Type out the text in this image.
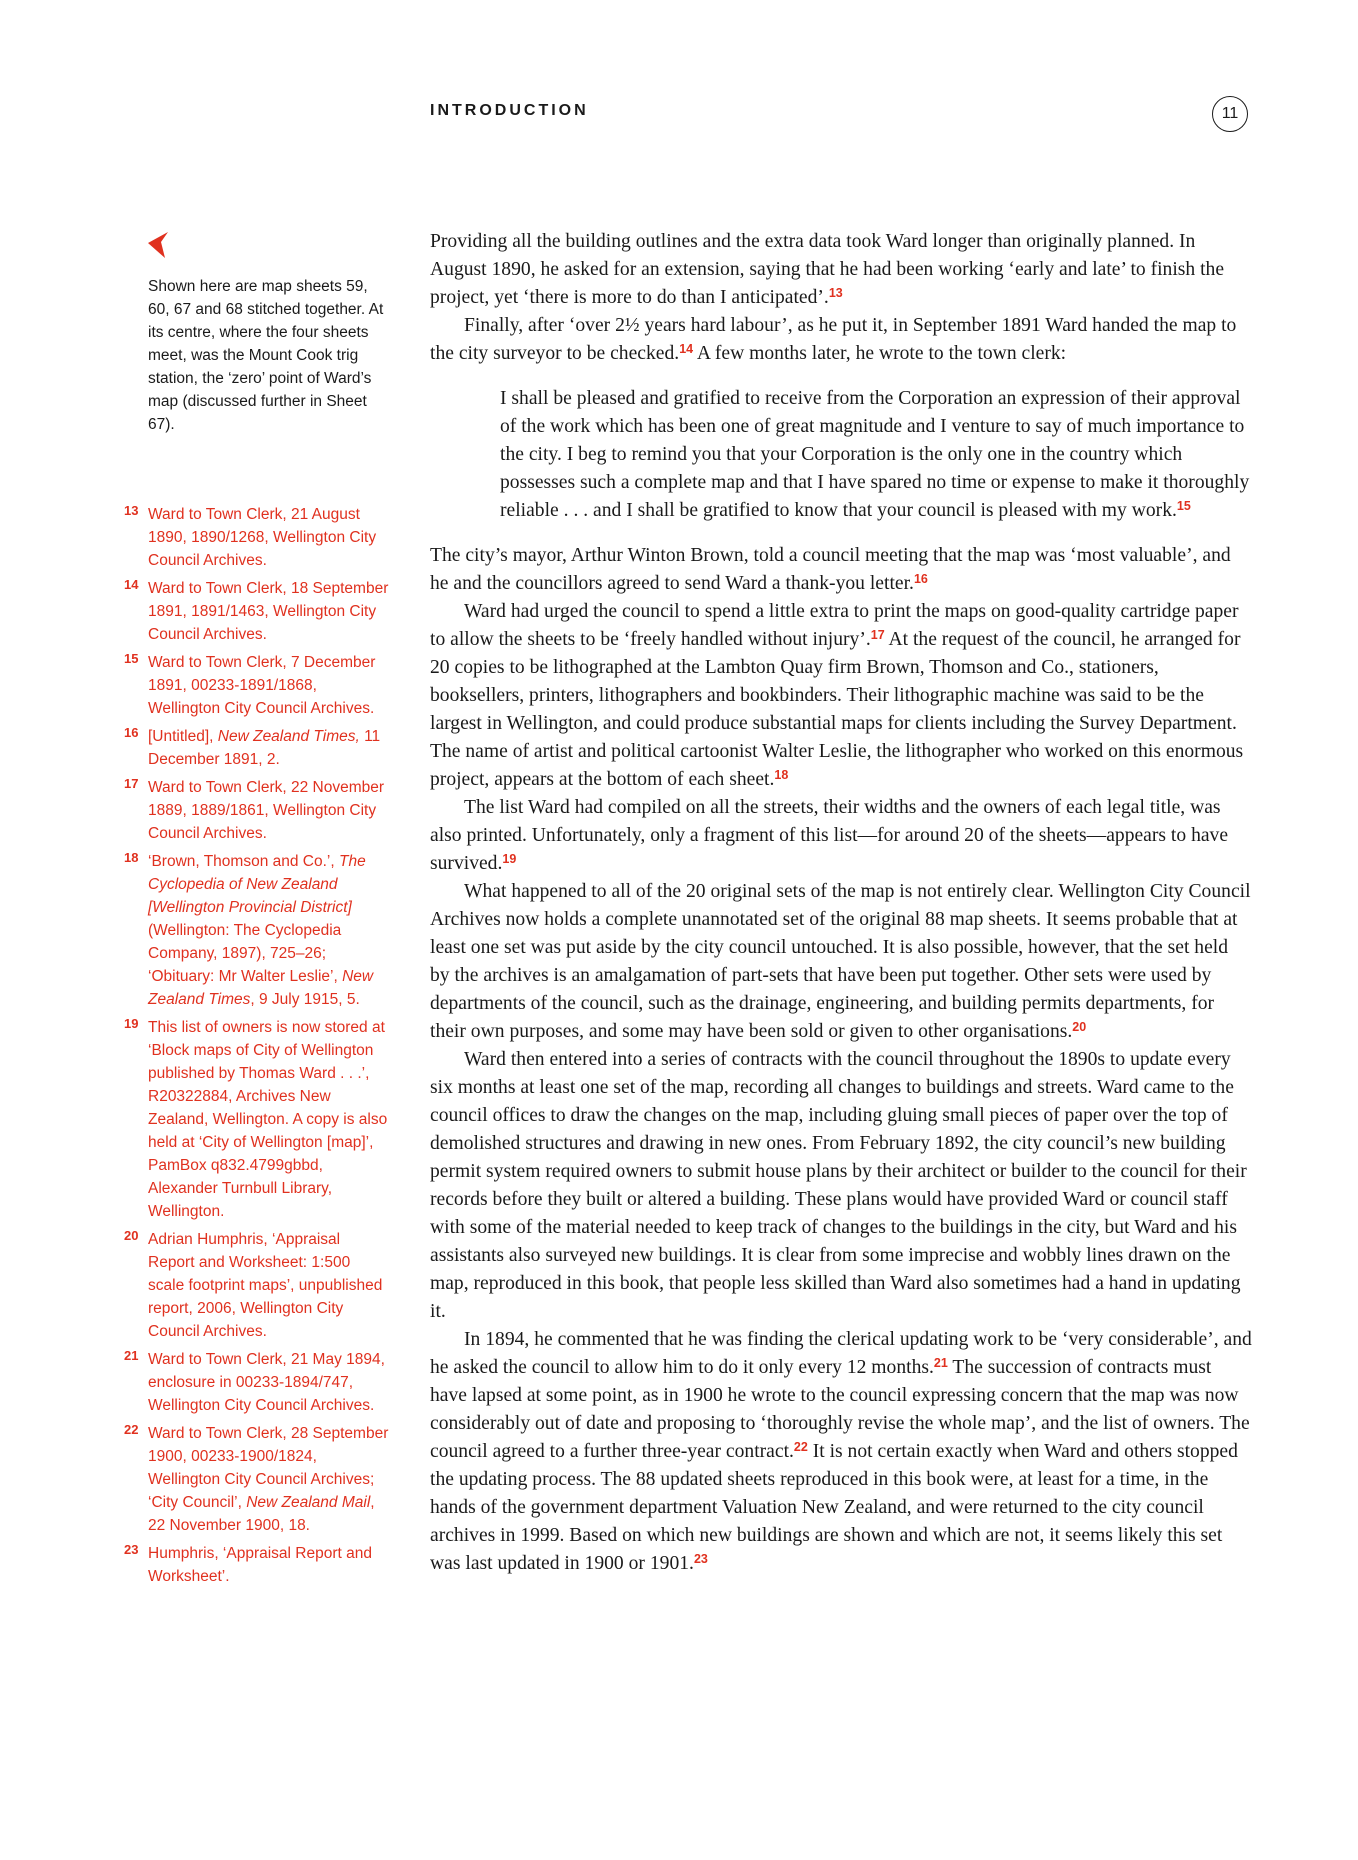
INTRODUCTION	11
Shown here are map sheets 59, 60, 67 and 68 stitched together. At its centre, where the four sheets meet, was the Mount Cook trig station, the ‘zero’ point of Ward’s map (discussed further in Sheet 67).
13 Ward to Town Clerk, 21 August 1890, 1890/1268, Wellington City Council Archives.
14 Ward to Town Clerk, 18 September 1891, 1891/1463, Wellington City Council Archives.
15 Ward to Town Clerk, 7 December 1891, 00233-1891/1868, Wellington City Council Archives.
16 [Untitled], New Zealand Times, 11 December 1891, 2.
17 Ward to Town Clerk, 22 November 1889, 1889/1861, Wellington City Council Archives.
18 ‘Brown, Thomson and Co.’, The Cyclopedia of New Zealand [Wellington Provincial District] (Wellington: The Cyclopedia Company, 1897), 725–26; ‘Obituary: Mr Walter Leslie’, New Zealand Times, 9 July 1915, 5.
19 This list of owners is now stored at ‘Block maps of City of Wellington published by Thomas Ward . . .’, R20322884, Archives New Zealand, Wellington. A copy is also held at ‘City of Wellington [map]’, PamBox q832.4799gbbd, Alexander Turnbull Library, Wellington.
20 Adrian Humphris, ‘Appraisal Report and Worksheet: 1:500 scale footprint maps’, unpublished report, 2006, Wellington City Council Archives.
21 Ward to Town Clerk, 21 May 1894, enclosure in 00233-1894/747, Wellington City Council Archives.
22 Ward to Town Clerk, 28 September 1900, 00233-1900/1824, Wellington City Council Archives; ‘City Council’, New Zealand Mail, 22 November 1900, 18.
23 Humphris, ‘Appraisal Report and Worksheet’.

Providing all the building outlines and the extra data took Ward longer than originally planned. In August 1890, he asked for an extension, saying that he had been working ‘early and late’ to finish the project, yet ‘there is more to do than I anticipated’.$^{13}$

Finally, after ‘over 2½ years hard labour’, as he put it, in September 1891 Ward handed the map to the city surveyor to be checked.$^{14}$ A few months later, he wrote to the town clerk:

I shall be pleased and gratified to receive from the Corporation an expression of their approval of the work which has been one of great magnitude and I venture to say of much importance to the city. I beg to remind you that your Corporation is the only one in the country which possesses such a complete map and that I have spared no time or expense to make it thoroughly reliable . . . and I shall be gratified to know that your council is pleased with my work.$^{15}$

The city’s mayor, Arthur Winton Brown, told a council meeting that the map was ‘most valuable’, and he and the councillors agreed to send Ward a thank-you letter.$^{16}$

Ward had urged the council to spend a little extra to print the maps on good-quality cartridge paper to allow the sheets to be ‘freely handled without injury’.$^{17}$ At the request of the council, he arranged for 20 copies to be lithographed at the Lambton Quay firm Brown, Thomson and Co., stationers, booksellers, printers, lithographers and bookbinders. Their lithographic machine was said to be the largest in Wellington, and could produce substantial maps for clients including the Survey Department. The name of artist and political cartoonist Walter Leslie, the lithographer who worked on this enormous project, appears at the bottom of each sheet.$^{18}$

The list Ward had compiled on all the streets, their widths and the owners of each legal title, was also printed. Unfortunately, only a fragment of this list—for around 20 of the sheets—appears to have survived.$^{19}$

What happened to all of the 20 original sets of the map is not entirely clear. Wellington City Council Archives now holds a complete unannotated set of the original 88 map sheets. It seems probable that at least one set was put aside by the city council untouched. It is also possible, however, that the set held by the archives is an amalgamation of part-sets that have been put together. Other sets were used by departments of the council, such as the drainage, engineering, and building permits departments, for their own purposes, and some may have been sold or given to other organisations.$^{20}$

Ward then entered into a series of contracts with the council throughout the 1890s to update every six months at least one set of the map, recording all changes to buildings and streets. Ward came to the council offices to draw the changes on the map, including gluing small pieces of paper over the top of demolished structures and drawing in new ones. From February 1892, the city council’s new building permit system required owners to submit house plans by their architect or builder to the council for their records before they built or altered a building. These plans would have provided Ward or council staff with some of the material needed to keep track of changes to the buildings in the city, but Ward and his assistants also surveyed new buildings. It is clear from some imprecise and wobbly lines drawn on the map, reproduced in this book, that people less skilled than Ward also sometimes had a hand in updating it.

In 1894, he commented that he was finding the clerical updating work to be ‘very considerable’, and he asked the council to allow him to do it only every 12 months.$^{21}$ The succession of contracts must have lapsed at some point, as in 1900 he wrote to the council expressing concern that the map was now considerably out of date and proposing to ‘thoroughly revise the whole map’, and the list of owners. The council agreed to a further three-year contract.$^{22}$ It is not certain exactly when Ward and others stopped the updating process. The 88 updated sheets reproduced in this book were, at least for a time, in the hands of the government department Valuation New Zealand, and were returned to the city council archives in 1999. Based on which new buildings are shown and which are not, it seems likely this set was last updated in 1900 or 1901.23
